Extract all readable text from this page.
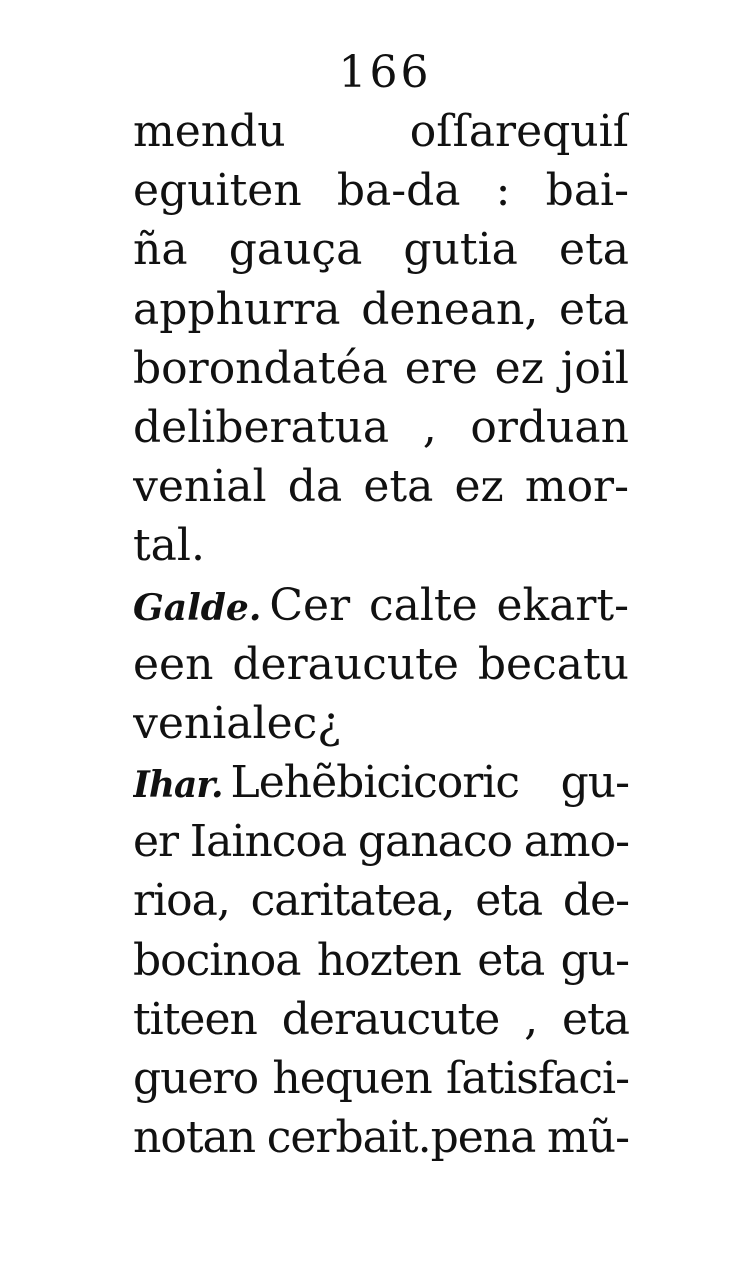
166
mendu	oſſarequiſ
eguiten ba-da : bai-
ña gauça gutia eta
apphurra denean, eta
borondatéa ere ez joil
deliberatua , orduan
venial da eta ez mor-
tal.
Galde. Cer calte ekart-
een deraucute becatu
venialec¿
Ihar. Lehẽbicicoric gu-
er Iaincoa ganaco amo-
rioa, caritatea, eta de-
bocinoa hozten eta gu-
titeen deraucute , eta
guero hequen ſatisfaci-
notan cerbait.pena mũ-
